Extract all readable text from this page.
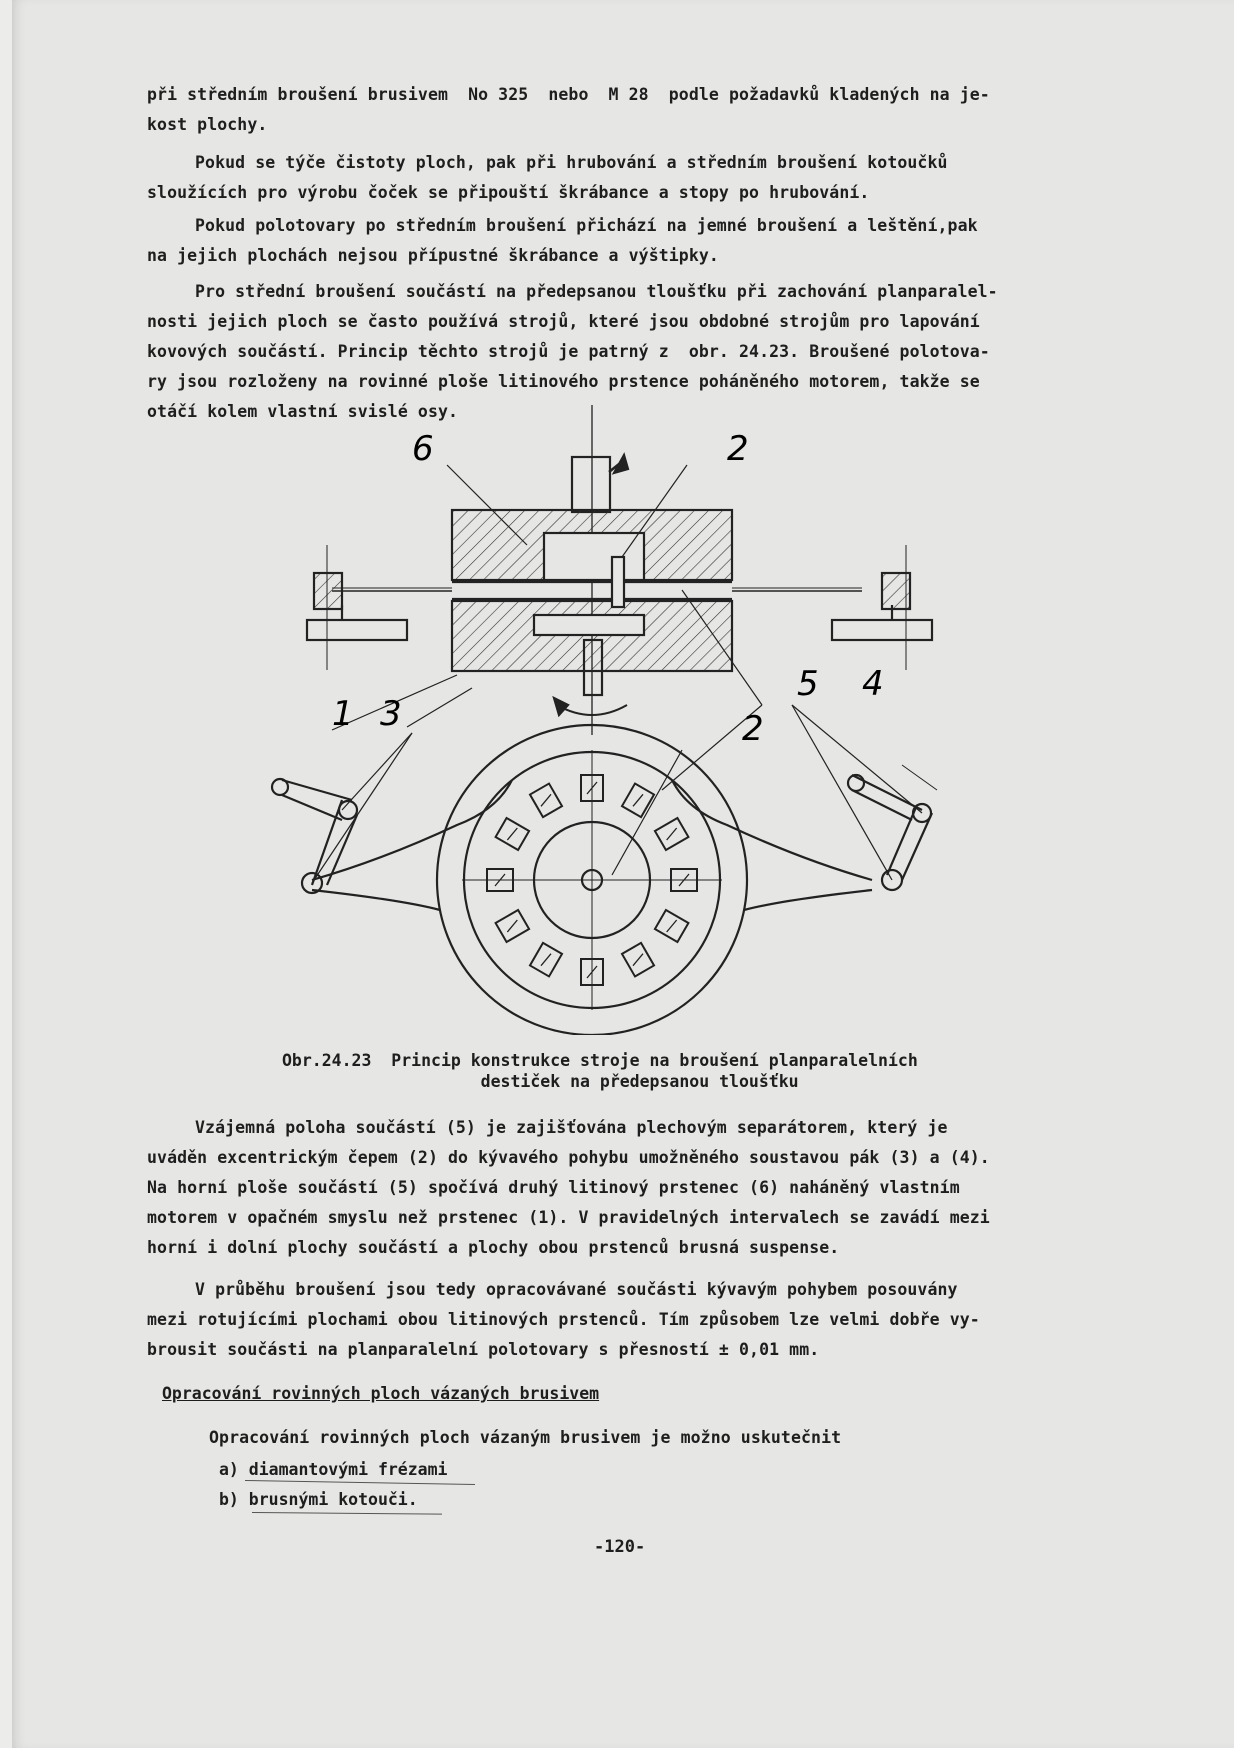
při středním broušení brusivem  No 325  nebo  M 28  podle požadavků kladených na je-
kost plochy.

Pokud se týče čistoty ploch, pak při hrubování a středním broušení kotoučků
sloužících pro výrobu čoček se připouští škrábance a stopy po hrubování.

Pokud polotovary po středním broušení přichází na jemné broušení a leštění,pak
na jejich plochách nejsou přípustné škrábance a výštipky.

Pro střední broušení součástí na předepsanou tloušťku při zachování planparalel-
nosti jejich ploch se často používá strojů, které jsou obdobné strojům pro lapování
kovových součástí. Princip těchto strojů je patrný z  obr. 24.23. Broušené polotova-
ry jsou rozloženy na rovinné ploše litinového prstence poháněného motorem, takže se
otáčí kolem vlastní svislé osy.

6	2
1 3
5 4
2

Obr.24.23  Princip konstrukce stroje na broušení planparalelních
destiček na předepsanou tloušťku

Vzájemná poloha součástí (5) je zajišťována plechovým separátorem, který je
uváděn excentrickým čepem (2) do kývavého pohybu umožněného soustavou pák (3) a (4).
Na horní ploše součástí (5) spočívá druhý litinový prstenec (6) naháněný vlastním
motorem v opačném smyslu než prstenec (1). V pravidelných intervalech se zavádí mezi
horní i dolní plochy součástí a plochy obou prstenců brusná suspense.

V průběhu broušení jsou tedy opracovávané součásti kývavým pohybem posouvány
mezi rotujícími plochami obou litinových prstenců. Tím způsobem lze velmi dobře vy-
brousit součásti na planparalelní polotovary s přesností ± 0,01 mm.

Opracování rovinných ploch vázaných brusivem

Opracování rovinných ploch vázaným brusivem je možno uskutečnit

a) diamantovými frézami

b) brusnými kotouči.

-120-
